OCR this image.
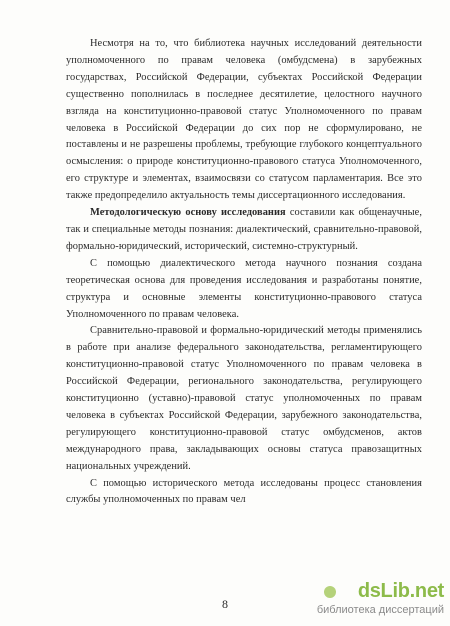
Несмотря на то, что библиотека научных исследований деятельности уполномоченного по правам человека (омбудсмена) в зарубежных государствах, Российской Федерации, субъектах Российской Федерации существенно пополнилась в последнее десятилетие, целостного научного взгляда на конституционно-правовой статус Уполномоченного по правам человека в Российской Федерации до сих пор не сформулировано, не поставлены и не разрешены проблемы, требующие глубокого концептуального осмысления: о природе конституционно-правового статуса Уполномоченного, его структуре и элементах, взаимосвязи со статусом парламентария. Все это также предопределило актуальность темы диссертационного исследования.

Методологическую основу исследования составили как общенаучные, так и специальные методы познания: диалектический, сравнительно-правовой, формально-юридический, исторический, системно-структурный.

С помощью диалектического метода научного познания создана теоретическая основа для проведения исследования и разработаны понятие, структура и основные элементы конституционно-правового статуса Уполномоченного по правам человека.

Сравнительно-правовой и формально-юридический методы применялись в работе при анализе федерального законодательства, регламентирующего конституционно-правовой статус Уполномоченного по правам человека в Российской Федерации, регионального законодательства, регулирующего конституционно (уставно)-правовой статус уполномоченных по правам человека в субъектах Российской Федерации, зарубежного законодательства, регулирующего конституционно-правовой статус омбудсменов, актов международного права, закладывающих основы статуса правозащитных национальных учреждений.

С помощью исторического метода исследованы процесс становления службы уполномоченных по правам чел

8
dsLib.net
библиотека диссертаций
